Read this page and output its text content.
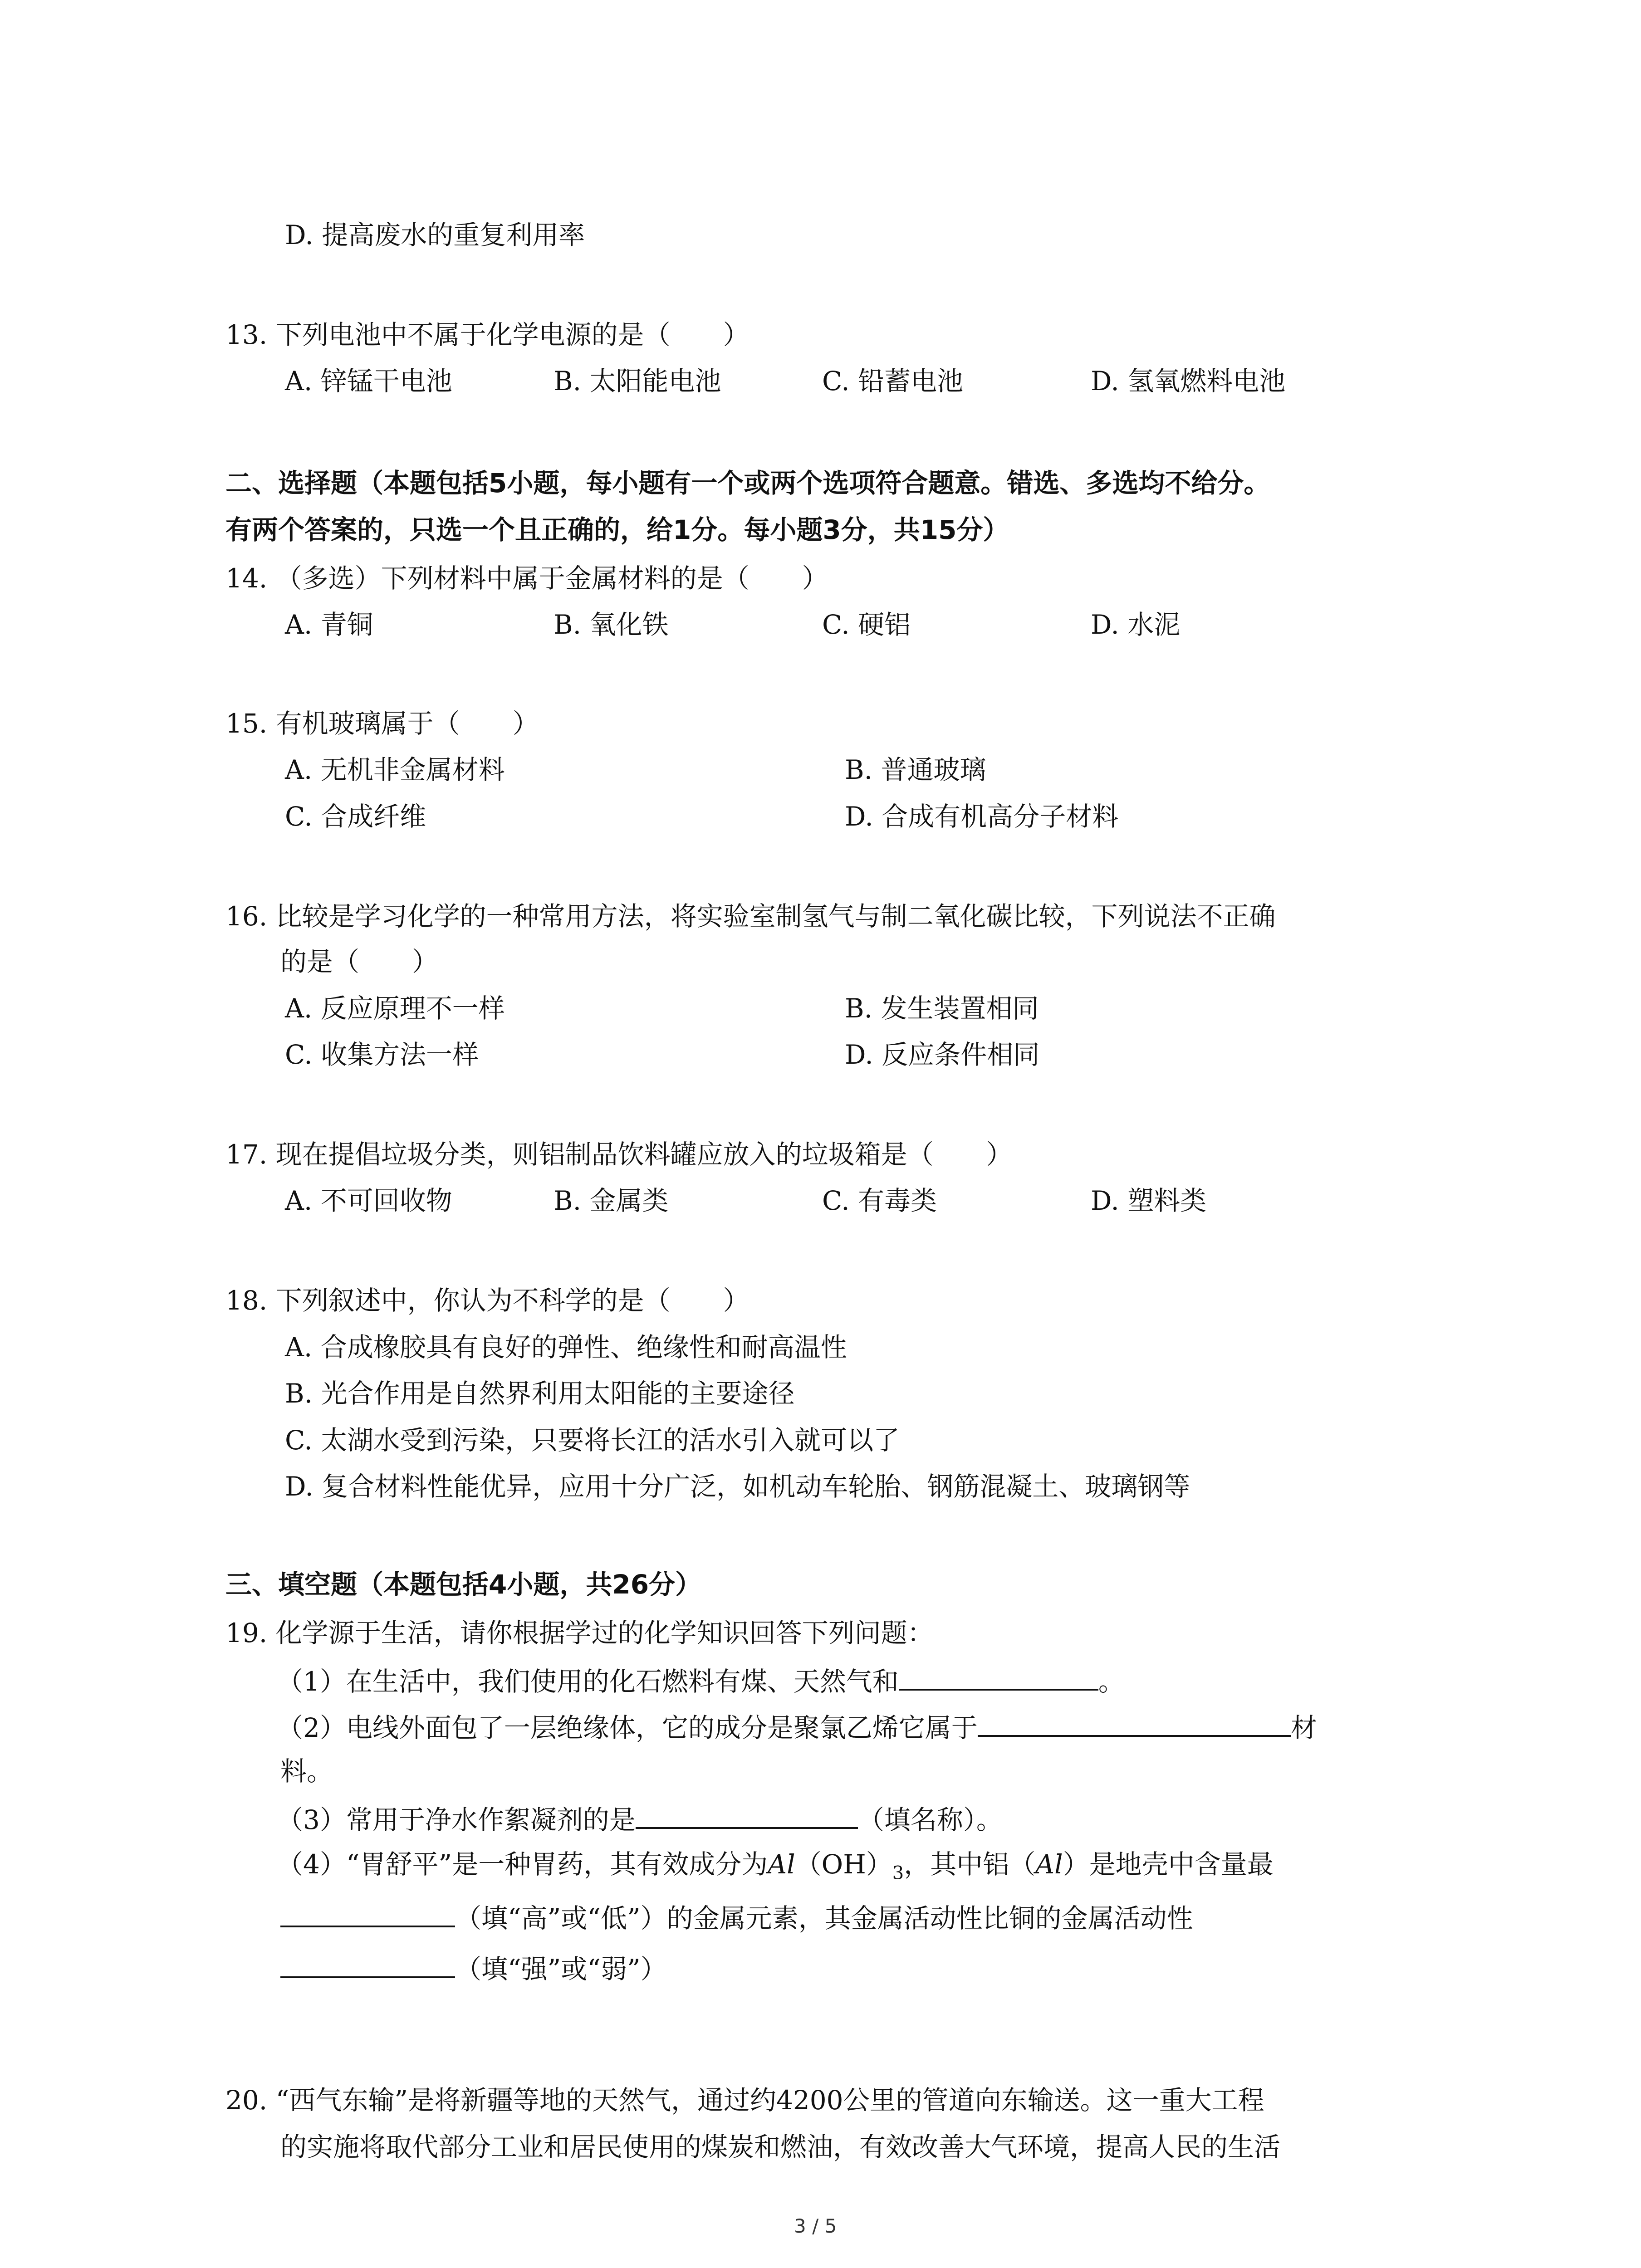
D. 提高废水的重复利用率
13. 下列电池中不属于化学电源的是（　　）
A. 锌锰干电池	B. 太阳能电池	C. 铅蓄电池	D. 氢氧燃料电池
二、选择题（本题包括5小题，每小题有一个或两个选项符合题意。错选、多选均不给分。
有两个答案的，只选一个且正确的，给1分。每小题3分，共15分）
14. （多选）下列材料中属于金属材料的是（　　）
A. 青铜	B. 氧化铁	C. 硬铝	D. 水泥
15. 有机玻璃属于（　　）
A. 无机非金属材料	B. 普通玻璃
C. 合成纤维	D. 合成有机高分子材料
16. 比较是学习化学的一种常用方法，将实验室制氢气与制二氧化碳比较，下列说法不正确
的是（　　）
A. 反应原理不一样	B. 发生装置相同
C. 收集方法一样	D. 反应条件相同
17. 现在提倡垃圾分类，则铝制品饮料罐应放入的垃圾箱是（　　）
A. 不可回收物	B. 金属类	C. 有毒类	D. 塑料类
18. 下列叙述中，你认为不科学的是（　　）
A. 合成橡胶具有良好的弹性、绝缘性和耐高温性
B. 光合作用是自然界利用太阳能的主要途径
C. 太湖水受到污染，只要将长江的活水引入就可以了
D. 复合材料性能优异，应用十分广泛，如机动车轮胎、钢筋混凝土、玻璃钢等
三、填空题（本题包括4小题，共26分）
19. 化学源于生活，请你根据学过的化学知识回答下列问题：
（1）在生活中，我们使用的化石燃料有煤、天然气和	。
（2）电线外面包了一层绝缘体，它的成分是聚氯乙烯它属于	材
料。
（3）常用于净水作絮凝剂的是	（填名称）。
（4）“胃舒平”是一种胃药，其有效成分为$Al(OH)_3$，其中铝（Al）是地壳中含量最
（填“高”或“低”）的金属元素，其金属活动性比铜的金属活动性
（填“强”或“弱”）
20. “西气东输”是将新疆等地的天然气，通过约4200公里的管道向东输送。这一重大工程
的实施将取代部分工业和居民使用的煤炭和燃油，有效改善大气环境，提高人民的生活
3 / 5
